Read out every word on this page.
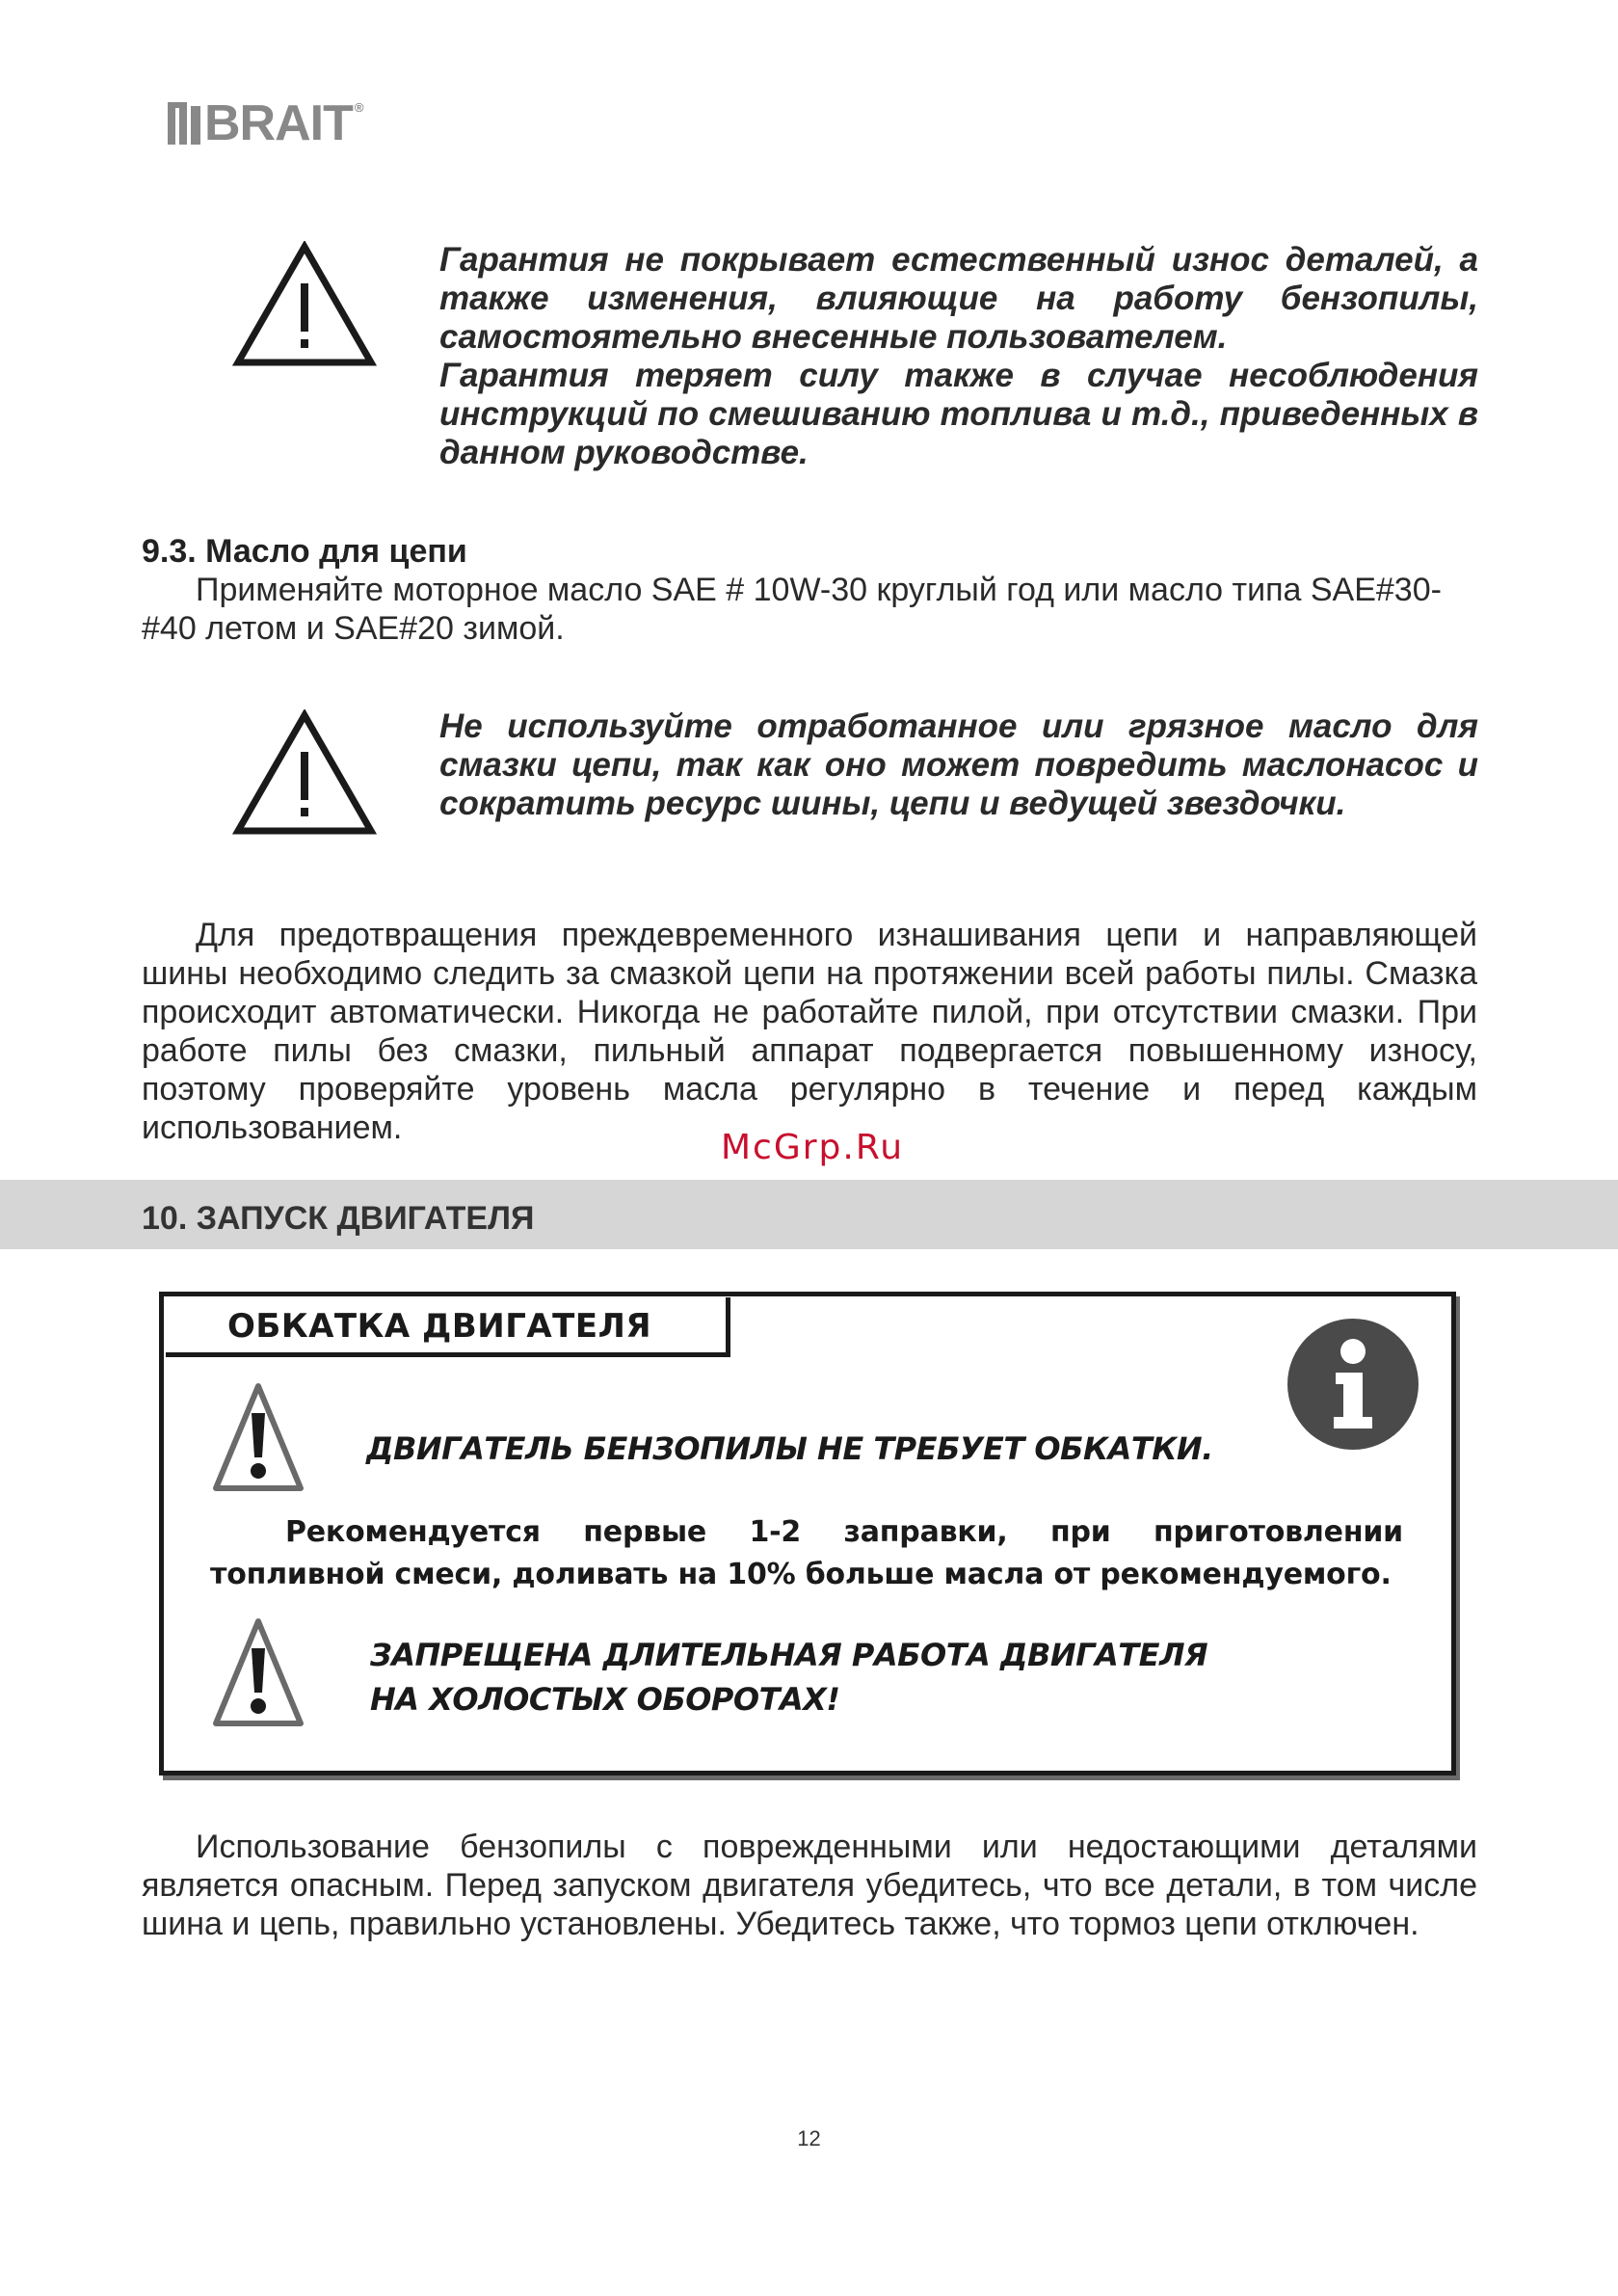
BRAIT ®

Гарантия не покрывает естественный износ деталей, а также изменения, влияющие на работу бензопилы, самостоятельно внесенные пользователем.

Гарантия теряет силу также в случае несоблюдения инструкций по смешиванию топлива и т.д., приведенных в данном руководстве.

9.3. Масло для цепи

Применяйте моторное масло SAE # 10W-30 круглый год или масло типа SAE#30-#40 летом и SAE#20 зимой.

Не используйте отработанное или грязное масло для смазки цепи, так как оно может повредить маслонасос и сократить ресурс шины, цепи и ведущей звездочки.

Для предотвращения преждевременного изнашивания цепи и направляющей шины необходимо следить за смазкой цепи на протяжении всей работы пилы. Смазка происходит автоматически. Никогда не работайте пилой, при отсутствии смазки. При работе пилы без смазки, пильный аппарат подвергается повышенному износу, поэтому проверяйте уровень масла регулярно в течение и перед каждым использованием.	McGrp.Ru
10. ЗАПУСК ДВИГАТЕЛЯ
ОБКАТКА ДВИГАТЕЛЯ
ДВИГАТЕЛЬ БЕНЗОПИЛЫ НЕ ТРЕБУЕТ ОБКАТКИ.

Рекомендуется первые 1-2 заправки, при приготовлении топливной смеси, доливать на 10% больше масла от рекомендуемого.

ЗАПРЕЩЕНА ДЛИТЕЛЬНАЯ РАБОТА ДВИГАТЕЛЯ
НА ХОЛОСТЫХ ОБОРОТАХ!

Использование бензопилы с поврежденными или недостающими деталями является опасным. Перед запуском двигателя убедитесь, что все детали, в том числе шина и цепь, правильно установлены. Убедитесь также, что тормоз цепи отключен.

12
